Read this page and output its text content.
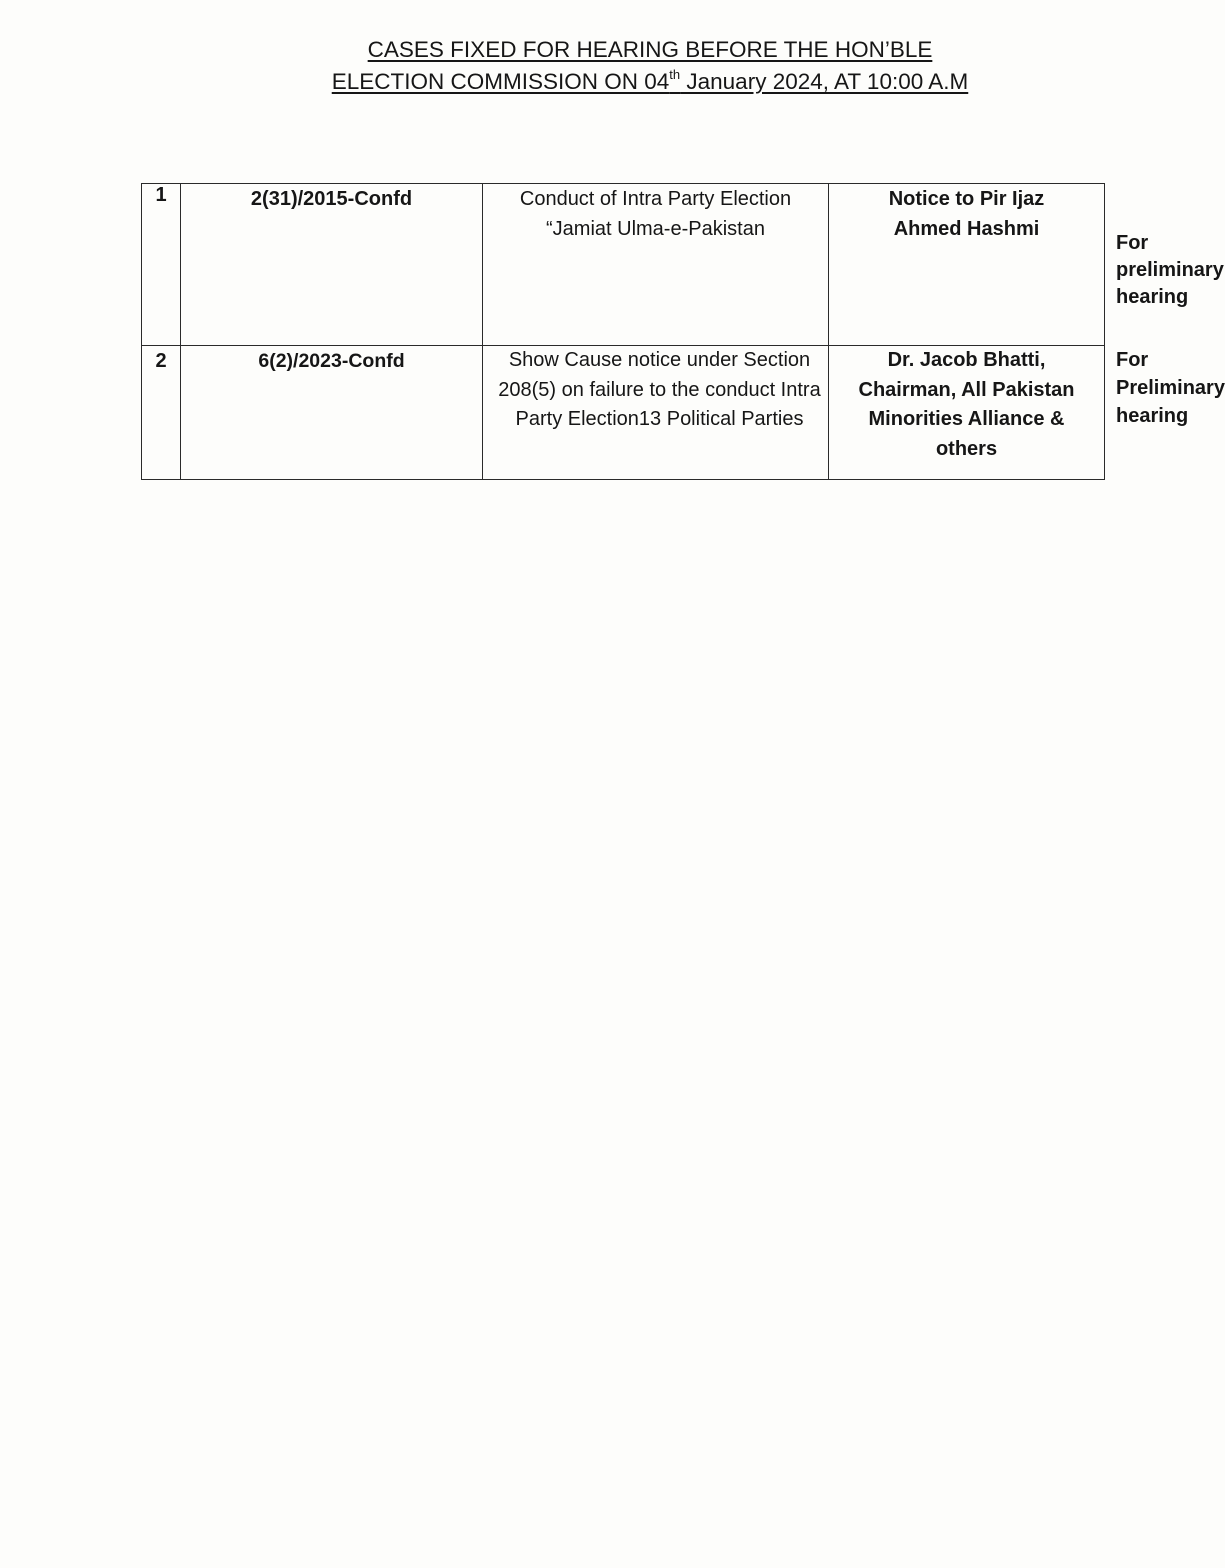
CASES FIXED FOR HEARING BEFORE THE HON’BLE
ELECTION COMMISSION ON 04th January 2024, AT 10:00 A.M
1	2(31)/2015-Confd	Conduct of Intra Party Election “Jamiat Ulma-e-Pakistan	Notice to Pir Ijaz Ahmed Hashmi	For preliminary hearing
2	6(2)/2023-Confd	Show Cause notice under Section 208(5) on failure to the conduct Intra Party Election13 Political Parties	Dr. Jacob Bhatti, Chairman, All Pakistan Minorities Alliance & others	For Preliminary hearing
